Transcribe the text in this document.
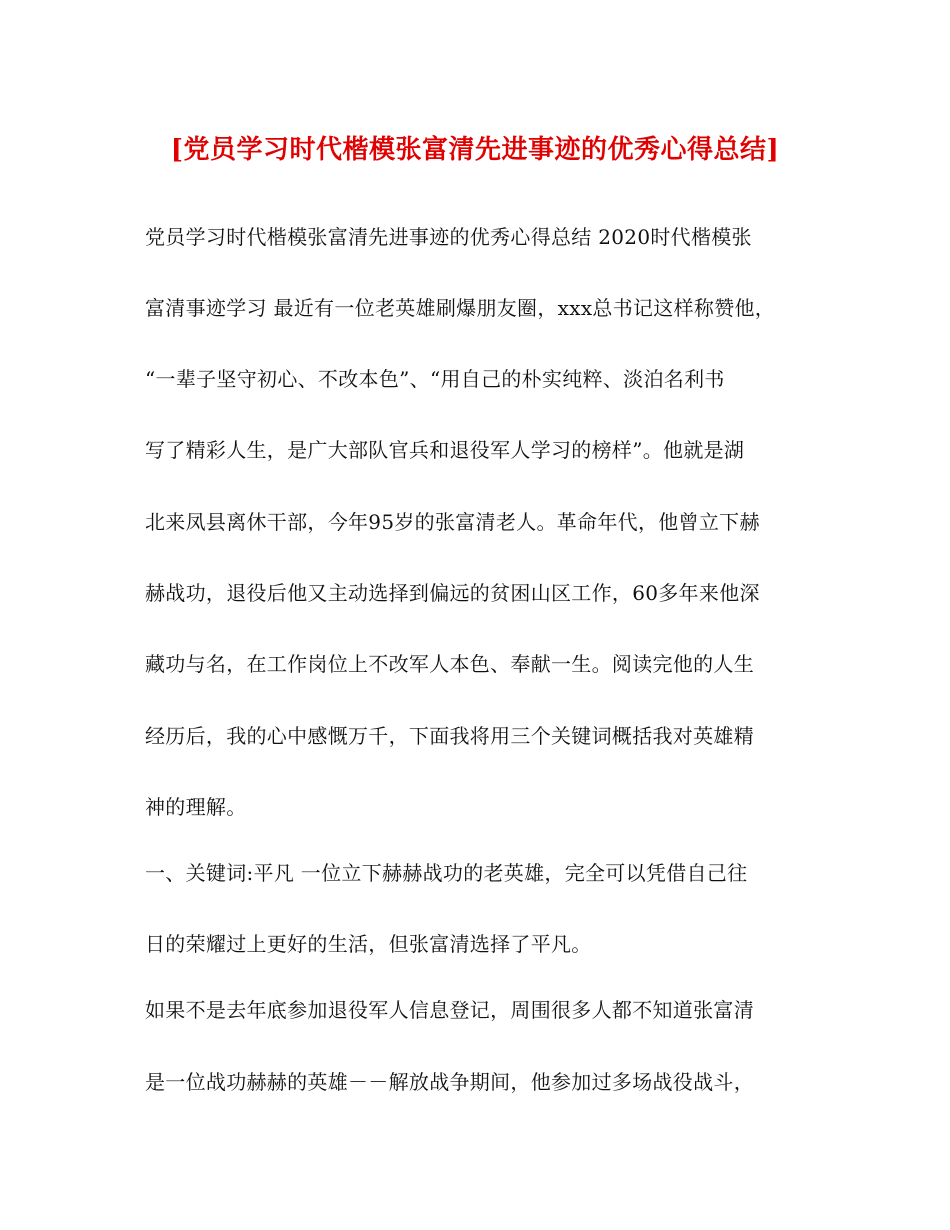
[党员学习时代楷模张富清先进事迹的优秀心得总结]
党员学习时代楷模张富清先进事迹的优秀心得总结 2020时代楷模张
富清事迹学习 最近有一位老英雄刷爆朋友圈，xxx总书记这样称赞他，
“一辈子坚守初心、不改本色”、“用自己的朴实纯粹、淡泊名利书
写了精彩人生，是广大部队官兵和退役军人学习的榜样”。他就是湖
北来凤县离休干部，今年95岁的张富清老人。革命年代，他曾立下赫
赫战功，退役后他又主动选择到偏远的贫困山区工作，60多年来他深
藏功与名，在工作岗位上不改军人本色、奉献一生。阅读完他的人生
经历后，我的心中感慨万千，下面我将用三个关键词概括我对英雄精
神的理解。
一、关键词:平凡 一位立下赫赫战功的老英雄，完全可以凭借自己往
日的荣耀过上更好的生活，但张富清选择了平凡。
如果不是去年底参加退役军人信息登记，周围很多人都不知道张富清
是一位战功赫赫的英雄－－解放战争期间，他参加过多场战役战斗，
